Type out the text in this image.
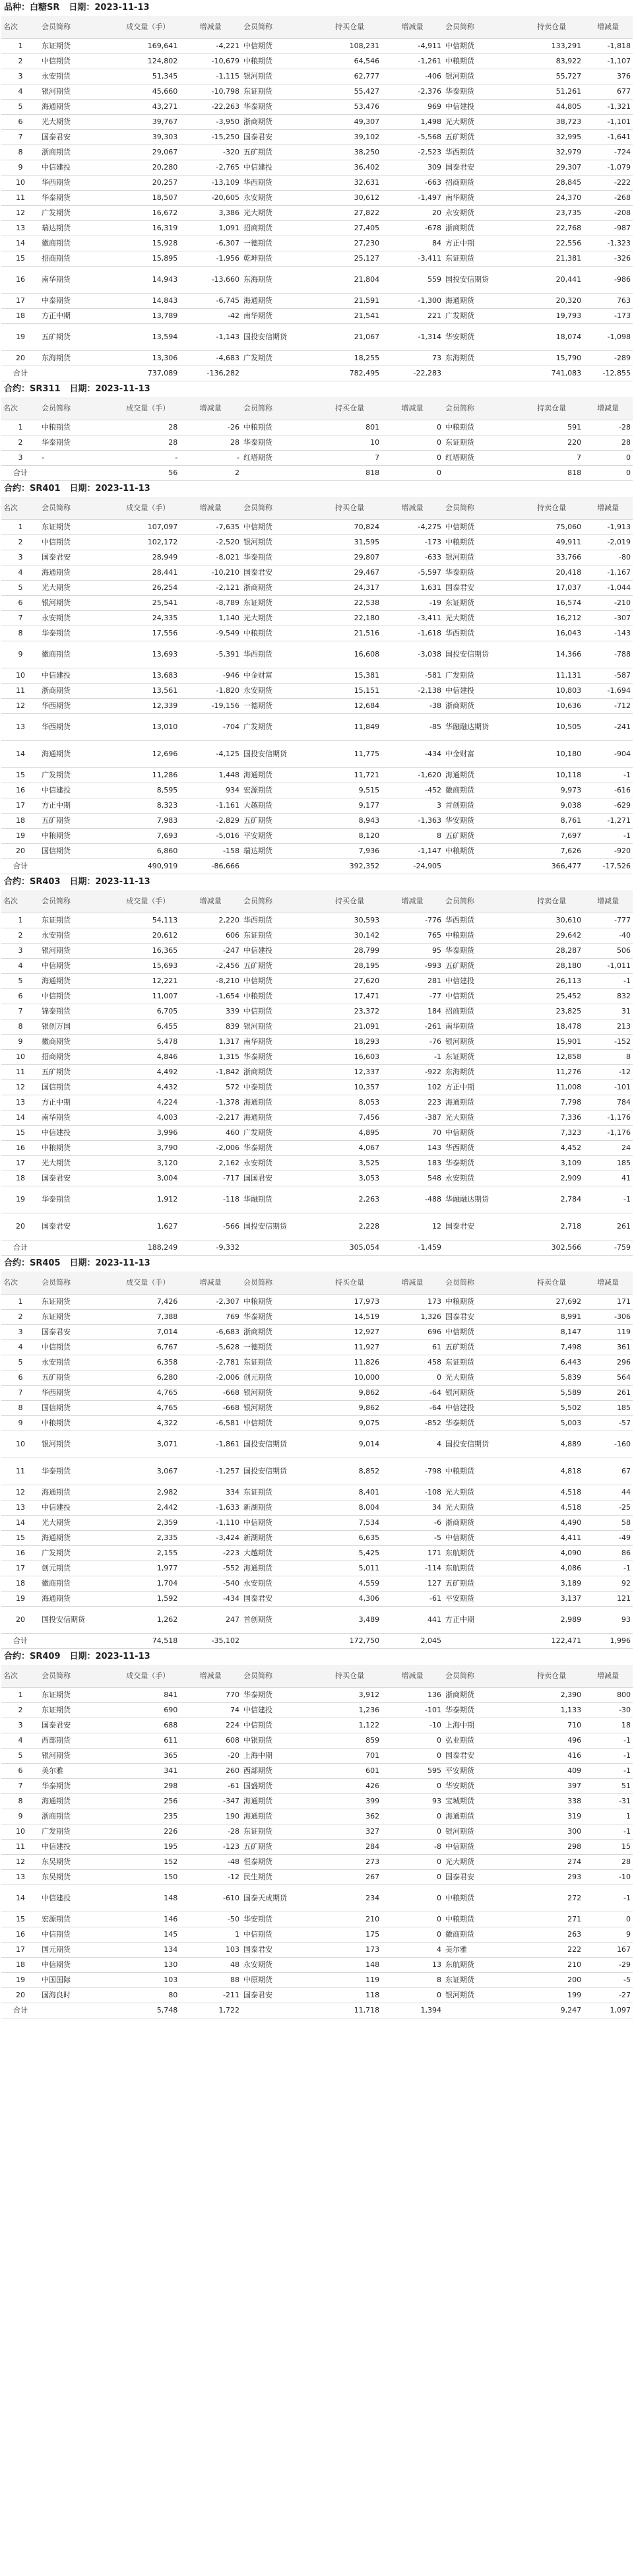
品种：白糖SR 日期：2023-11-13
名次	会员简称	成交量（手）	增减量	会员简称	持买仓量	增减量	会员简称	持卖仓量	增减量
1	东证期货	169,641	-4,221	中信期货	108,231	-4,911	中信期货	133,291	-1,818
2	中信期货	124,802	-10,679	中粮期货	64,546	-1,261	中粮期货	83,922	-1,107
3	永安期货	51,345	-1,115	银河期货	62,777	-406	银河期货	55,727	376
4	银河期货	45,660	-10,798	东证期货	55,427	-2,376	华泰期货	51,261	677
5	海通期货	43,271	-22,263	华泰期货	53,476	969	中信建投	44,805	-1,321
6	光大期货	39,767	-3,950	浙商期货	49,307	1,498	光大期货	38,723	-1,101
7	国泰君安	39,303	-15,250	国泰君安	39,102	-5,568	五矿期货	32,995	-1,641
8	浙商期货	29,067	-320	五矿期货	38,250	-2,523	华西期货	32,979	-724
9	中信建投	20,280	-2,765	中信建投	36,402	309	国泰君安	29,307	-1,079
10	华西期货	20,257	-13,109	华西期货	32,631	-663	招商期货	28,845	-222
11	华泰期货	18,507	-20,605	永安期货	30,612	-1,497	南华期货	24,370	-268
12	广发期货	16,672	3,386	光大期货	27,822	20	永安期货	23,735	-208
13	瑞达期货	16,319	1,091	招商期货	27,405	-678	浙商期货	22,768	-987
14	徽商期货	15,928	-6,307	一德期货	27,230	84	方正中期	22,556	-1,323
15	招商期货	15,895	-1,956	乾坤期货	25,127	-3,411	东证期货	21,381	-326
16	南华期货	14,943	-13,660	东海期货	21,804	559	国投安信期货	20,441	-986
17	中泰期货	14,843	-6,745	海通期货	21,591	-1,300	海通期货	20,320	763
18	方正中期	13,789	-42	南华期货	21,541	221	广发期货	19,793	-173
19	五矿期货	13,594	-1,143	国投安信期货	21,067	-1,314	华安期货	18,074	-1,098
20	东海期货	13,306	-4,683	广发期货	18,255	73	东海期货	15,790	-289
合计		737,089	-136,282		782,495	-22,283		741,083	-12,855
合约：SR311 日期：2023-11-13
名次	会员简称	成交量（手）	增减量	会员简称	持买仓量	增减量	会员简称	持卖仓量	增减量
1	中粮期货	28	-26	中粮期货	801	0	中粮期货	591	-28
2	华泰期货	28	28	华泰期货	10	0	东证期货	220	28
3	-	-	-	红塔期货	7	0	红塔期货	7	0
合计		56	2		818	0		818	0
合约：SR401 日期：2023-11-13
名次	会员简称	成交量（手）	增减量	会员简称	持买仓量	增减量	会员简称	持卖仓量	增减量
1	东证期货	107,097	-7,635	中信期货	70,824	-4,275	中信期货	75,060	-1,913
2	中信期货	102,172	-2,520	银河期货	31,595	-173	中粮期货	49,911	-2,019
3	国泰君安	28,949	-8,021	华泰期货	29,807	-633	银河期货	33,766	-80
4	海通期货	28,441	-10,210	国泰君安	29,467	-5,597	华泰期货	20,418	-1,167
5	光大期货	26,254	-2,121	浙商期货	24,317	1,631	国泰君安	17,037	-1,044
6	银河期货	25,541	-8,789	东证期货	22,538	-19	东证期货	16,574	-210
7	永安期货	24,335	1,140	光大期货	22,180	-3,411	光大期货	16,212	-307
8	华泰期货	17,556	-9,549	中粮期货	21,516	-1,618	华西期货	16,043	-143
9	徽商期货	13,693	-5,391	华西期货	16,608	-3,038	国投安信期货	14,366	-788
10	中信建投	13,683	-946	中金财富	15,381	-581	广发期货	11,131	-587
11	浙商期货	13,561	-1,820	永安期货	15,151	-2,138	中信建投	10,803	-1,694
12	华西期货	12,339	-19,156	一德期货	12,684	-38	浙商期货	10,636	-712
13	华西期货	13,010	-704	广发期货	11,849	-85	华融融达期货	10,505	-241
14	海通期货	12,696	-4,125	国投安信期货	11,775	-434	中金财富	10,180	-904
15	广发期货	11,286	1,448	海通期货	11,721	-1,620	海通期货	10,118	-1
16	中信建投	8,595	934	宏源期货	9,515	-452	徽商期货	9,973	-616
17	方正中期	8,323	-1,161	大越期货	9,177	3	首创期货	9,038	-629
18	五矿期货	7,983	-2,829	五矿期货	8,943	-1,363	华安期货	8,761	-1,271
19	中粮期货	7,693	-5,016	平安期货	8,120	8	五矿期货	7,697	-1
20	国信期货	6,860	-158	瑞达期货	7,936	-1,147	中粮期货	7,626	-920
合计		490,919	-86,666		392,352	-24,905		366,477	-17,526
合约：SR403 日期：2023-11-13
名次	会员简称	成交量（手）	增减量	会员简称	持买仓量	增减量	会员简称	持卖仓量	增减量
1	东证期货	54,113	2,220	华西期货	30,593	-776	华西期货	30,610	-777
2	永安期货	20,612	606	东证期货	30,142	765	中粮期货	29,642	-40
3	银河期货	16,365	-247	中信建投	28,799	95	华泰期货	28,287	506
4	中信期货	15,693	-2,456	五矿期货	28,195	-993	五矿期货	28,180	-1,011
5	海通期货	12,221	-8,210	中信期货	27,620	281	中信建投	26,113	-1
6	中信期货	11,007	-1,654	中粮期货	17,471	-77	中信期货	25,452	832
7	锦泰期货	6,705	339	中信期货	23,372	184	招商期货	23,825	31
8	银创万国	6,455	839	银河期货	21,091	-261	南华期货	18,478	213
9	徽商期货	5,478	1,317	南华期货	18,293	-76	银河期货	15,901	-152
10	招商期货	4,846	1,315	华泰期货	16,603	-1	东证期货	12,858	8
11	五矿期货	4,492	-1,842	浙商期货	12,337	-922	东海期货	11,276	-12
12	国信期货	4,432	572	中泰期货	10,357	102	方正中期	11,008	-101
13	方正中期	4,224	-1,378	海通期货	8,053	223	海通期货	7,798	784
14	南华期货	4,003	-2,217	海通期货	7,456	-387	光大期货	7,336	-1,176
15	中信建投	3,996	460	广发期货	4,895	70	中信期货	7,323	-1,176
16	中粮期货	3,790	-2,006	华泰期货	4,067	143	华西期货	4,452	24
17	光大期货	3,120	2,162	永安期货	3,525	183	华泰期货	3,109	185
18	国泰君安	3,004	-717	国国君安	3,053	548	永安期货	2,909	41
19	华泰期货	1,912	-118	华融期货	2,263	-488	华融融达期货	2,784	-1
20	国泰君安	1,627	-566	国投安信期货	2,228	12	国泰君安	2,718	261
合计		188,249	-9,332		305,054	-1,459		302,566	-759
合约：SR405 日期：2023-11-13
名次	会员简称	成交量（手）	增减量	会员简称	持买仓量	增减量	会员简称	持卖仓量	增减量
1	东证期货	7,426	-2,307	中粮期货	17,973	173	中粮期货	27,692	171
2	东证期货	7,388	769	华泰期货	14,519	1,326	国泰君安	8,991	-306
3	国泰君安	7,014	-6,683	浙商期货	12,927	696	中信期货	8,147	119
4	中信期货	6,767	-5,628	一德期货	11,927	61	五矿期货	7,498	361
5	永安期货	6,358	-2,781	东证期货	11,826	458	东证期货	6,443	296
6	五矿期货	6,280	-2,006	创元期货	10,000	0	光大期货	5,839	564
7	华西期货	4,765	-668	银河期货	9,862	-64	银河期货	5,589	261
8	国信期货	4,765	-668	银河期货	9,862	-64	中信建投	5,502	185
9	中粮期货	4,322	-6,581	中信期货	9,075	-852	华泰期货	5,003	-57
10	银河期货	3,071	-1,861	国投安信期货	9,014	4	国投安信期货	4,889	-160
11	华泰期货	3,067	-1,257	国投安信期货	8,852	-798	中粮期货	4,818	67
12	海通期货	2,982	334	东证期货	8,401	-108	光大期货	4,518	44
13	中信建投	2,442	-1,633	新湖期货	8,004	34	光大期货	4,518	-25
14	光大期货	2,359	-1,110	中信期货	7,534	-6	浙商期货	4,490	58
15	海通期货	2,335	-3,424	新湖期货	6,635	-5	中信期货	4,411	-49
16	广发期货	2,155	-223	大越期货	5,425	171	东航期货	4,090	86
17	创元期货	1,977	-552	海通期货	5,011	-114	东航期货	4,086	-1
18	徽商期货	1,704	-540	永安期货	4,559	127	五矿期货	3,189	92
19	海通期货	1,592	-434	国泰君安	4,306	-61	平安期货	3,137	121
20	国投安信期货	1,262	247	首创期货	3,489	441	方正中期	2,989	93
合计		74,518	-35,102		172,750	2,045		122,471	1,996
合约：SR409 日期：2023-11-13
名次	会员简称	成交量（手）	增减量	会员简称	持买仓量	增减量	会员简称	持卖仓量	增减量
1	东证期货	841	770	华泰期货	3,912	136	浙商期货	2,390	800
2	东证期货	690	74	中信建投	1,236	-101	华泰期货	1,133	-30
3	国泰君安	688	224	中信期货	1,122	-10	上海中期	710	18
4	西部期货	611	608	中银期货	859	0	弘业期货	496	-1
5	银河期货	365	-20	上海中期	701	0	国泰君安	416	-1
6	美尔雅	341	260	西部期货	601	595	平安期货	409	-1
7	华泰期货	298	-61	国盛期货	426	0	华安期货	397	51
8	海通期货	256	-347	海通期货	399	93	宝城期货	338	-31
9	浙商期货	235	190	海通期货	362	0	海通期货	319	1
10	广发期货	226	-28	东证期货	327	0	银河期货	300	-1
11	中信建投	195	-123	五矿期货	284	-8	中信期货	298	15
12	东吴期货	152	-48	恒泰期货	273	0	光大期货	274	28
13	东吴期货	150	-12	民生期货	267	0	国泰君安	293	-10
14	中信建投	148	-610	国泰天成期货	234	0	中粮期货	272	-1
15	宏源期货	146	-50	华安期货	210	0	中粮期货	271	0
16	中信期货	145	1	中信期货	175	0	徽商期货	263	9
17	国元期货	134	103	国泰君安	173	4	美尔雅	222	167
18	中信期货	130	48	永安期货	148	13	东航期货	210	-29
19	中国国际	103	88	中原期货	119	8	东证期货	200	-5
20	国海良时	80	-211	国泰君安	118	0	银河期货	199	-27
合计		5,748	1,722		11,718	1,394		9,247	1,097
